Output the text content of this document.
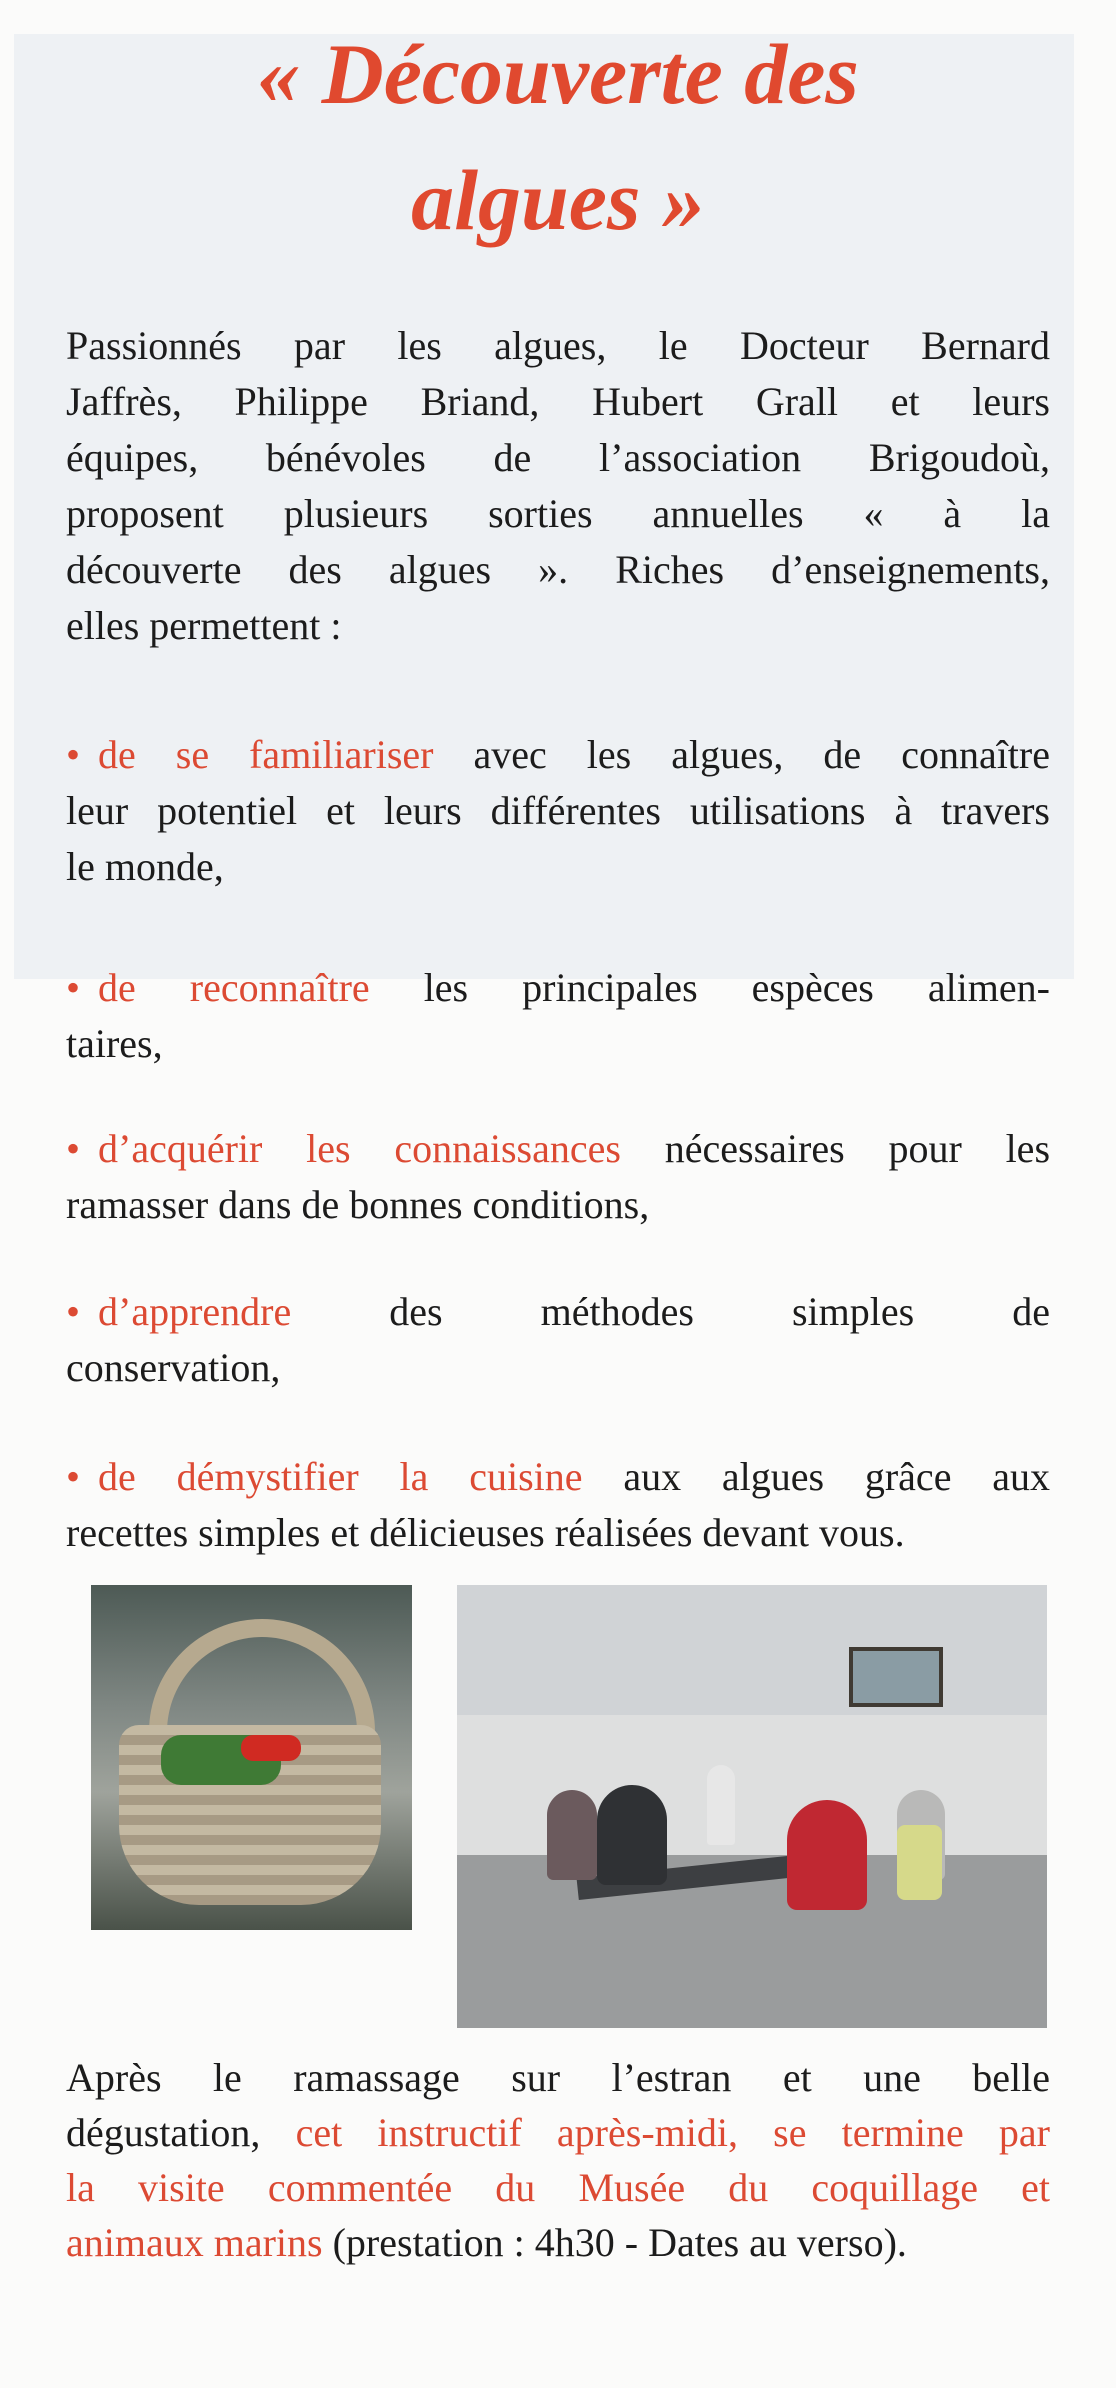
« Découverte des
algues »
Passionnés par les algues, le Docteur Bernard
Jaffrès, Philippe Briand, Hubert Grall et leurs
équipes, bénévoles de l’association Brigoudoù,
proposent plusieurs sorties annuelles « à la
découverte des algues ». Riches d’enseignements,
elles permettent :
• de se familiariser avec les algues, de connaître
leur potentiel et leurs différentes utilisations à travers
le monde,
• de reconnaître les principales espèces alimen-
taires,
• d’acquérir les connaissances nécessaires pour les
ramasser dans de bonnes conditions,
• d’apprendre des méthodes simples de
conservation,
• de démystifier la cuisine aux algues grâce aux
recettes simples et délicieuses réalisées devant vous.
Après le ramassage sur l’estran et une belle
dégustation, cet instructif après-midi, se termine par
la visite commentée du Musée du coquillage et
animaux marins (prestation : 4h30 - Dates au verso).
